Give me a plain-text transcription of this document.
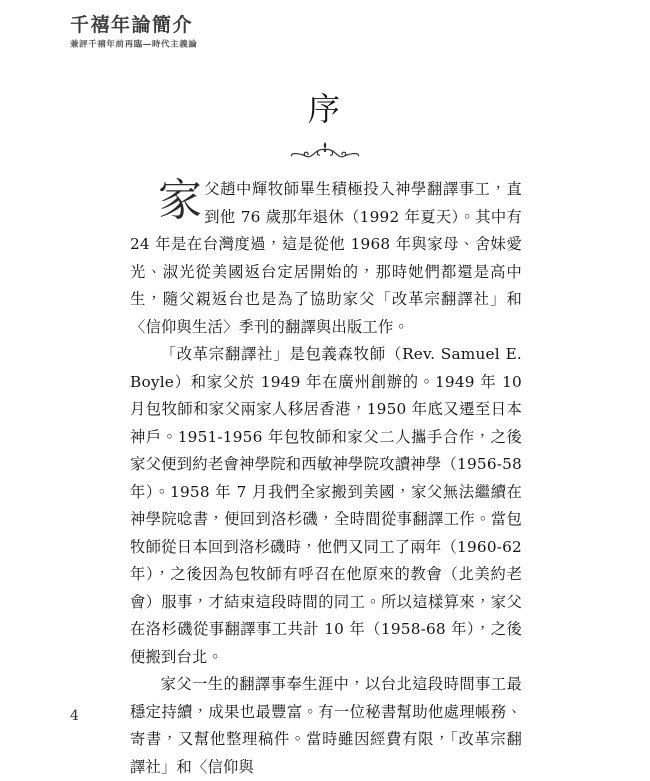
千禧年論簡介
兼評千禧年前再臨—時代主義論
序

家父趙中輝牧師畢生積極投入神學翻譯事工，直到他 76 歲那年退休（1992 年夏天）。其中有 24 年是在台灣度過，這是從他 1968 年與家母、舍妹愛光、淑光從美國返台定居開始的，那時她們都還是高中生，隨父親返台也是為了協助家父「改革宗翻譯社」和〈信仰與生活〉季刊的翻譯與出版工作。

「改革宗翻譯社」是包義森牧師（Rev. Samuel E. Boyle）和家父於 1949 年在廣州創辦的。1949 年 10 月包牧師和家父兩家人移居香港，1950 年底又遷至日本神戶。1951-1956 年包牧師和家父二人攜手合作，之後家父便到約老會神學院和西敏神學院攻讀神學（1956-58 年）。1958 年 7 月我們全家搬到美國，家父無法繼續在神學院唸書，便回到洛杉磯，全時間從事翻譯工作。當包牧師從日本回到洛杉磯時，他們又同工了兩年（1960-62 年），之後因為包牧師有呼召在他原來的教會（北美約老會）服事，才結束這段時間的同工。所以這樣算來，家父在洛杉磯從事翻譯事工共計 10 年（1958-68 年），之後便搬到台北。

家父一生的翻譯事奉生涯中，以台北這段時間事工最穩定持續，成果也最豐富。有一位秘書幫助他處理帳務、寄書，又幫他整理稿件。當時雖因經費有限，「改革宗翻譯社」和〈信仰與

4
